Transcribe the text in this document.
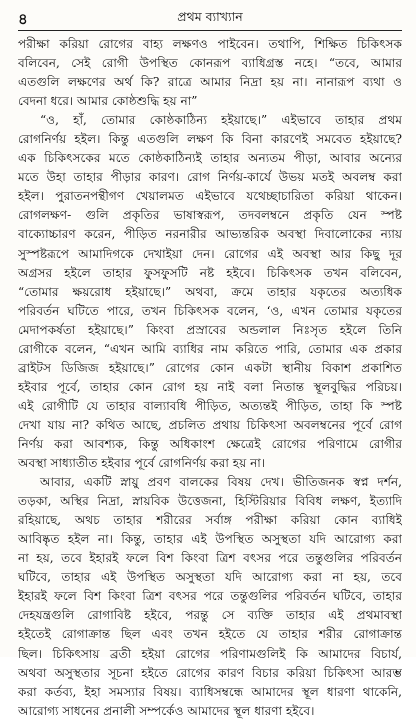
৪	প্রথম ব্যাখ্যান
পরীক্ষা করিয়া রোগের বাহ্য লক্ষণও পাইবেন। তথাপি, শিক্ষিত চিকিৎসক
বলিবেন, সেই রোগী উপস্থিত কোনরূপ ব্যাধিগ্রস্ত নহে। “তবে, আমার
এতগুলি লক্ষণের অর্থ কি? রাত্রে আমার নিদ্রা হয় না। নানারূপ ব্যথা ও
বেদনা ধরে। আমার কোষ্ঠশুদ্ধি হয় না”
“ও, হাঁ, তোমার কোষ্ঠকাঠিন্য হইয়াছে।” এইভাবে তাহার প্রথম
রোগনির্ণয় হইল। কিন্তু এতগুলি লক্ষণ কি বিনা কারণেই সমবেত হইয়াছে?
এক চিকিৎসকের মতে কোষ্ঠকাঠিন্যই তাহার অন্যতম পীড়া, আবার অন্যের
মতে উহা তাহার পীড়ার কারণ। রোগ নির্ণয়-কার্যে উভয় মতই অবলম্ব করা
হইল। পুরাতনপন্থীগণ খেয়ালমত এইভাবে যথেচ্ছাচারিতা করিয়া থাকেন।
রোগলক্ষণ- গুলি প্রকৃতির ভাষাস্বরূপ, তদবলম্বনে প্রকৃতি যেন স্পষ্ট
বাক্যোচ্চারণ করেন, পীড়িত নরনারীর আভ্যন্তরিক অবস্থা দিবালোকের ন্যায়
সুস্পষ্টরূপে আমাদিগকে দেখাইয়া দেন। রোগের এই অবস্থা আর কিছু দূর
অগ্রসর হইলে তাহার ফুসফুসটি নষ্ট হইবে। চিকিৎসক তখন বলিবেন,
“তোমার ক্ষয়রোধ হইয়াছে।” অথবা, ক্রমে তাহার যকৃতের অত্যধিক
পরিবর্তন ঘটিতে পারে, তখন চিকিৎসক বলেন, ‘ও, এখন তোমার যকৃতের
মেদাপকর্ষতা হইয়াছে।” কিংবা প্রস্রাবের অন্ডলাল নিঃসৃত হইলে তিনি
রোগীকে বলেন, “এখন আমি ব্যাধির নাম করিতে পারি, তোমার এক প্রকার
ব্রাইটস ডিজিজ হইয়াছে।” রোগের কোন একটা স্থানীয় বিকাশ প্রকাশিত
হইবার পূর্বে, তাহার কোন রোগ হয় নাই বলা নিতান্ত স্থূলবুদ্ধির পরিচয়।
এই রোগীটি যে তাহার বাল্যাবধি পীড়িত, অত্যন্তই পীড়িত, তাহা কি স্পষ্ট
দেখা যায় না? কথিত আছে, প্রচলিত প্রথায় চিকিৎসা অবলম্বনের পূর্বে রোগ
নির্ণয় করা আবশ্যক, কিন্তু অধিকাংশ ক্ষেত্রেই রোগের পরিণামে রোগীর
অবস্থা সাধ্যাতীত হইবার পূর্বে রোগনির্ণয় করা হয় না।
আবার, একটি স্নায়ু প্রবণ বালকের বিষয় দেখ। ভীতিজনক স্বপ্ন দর্শন,
তড়কা, অস্থির নিদ্রা, স্নায়বিক উত্তেজনা, হিস্টিরিয়ার বিবিধ লক্ষণ, ইত্যাদি
রহিয়াছে, অথচ তাহার শরীরের সর্বাঙ্গ পরীক্ষা করিয়া কোন ব্যাধিই
আবিষ্কৃত হইল না। কিন্তু, তাহার এই উপস্থিত অসুস্থতা যদি আরোগ্য করা
না হয়, তবে ইহারই ফলে বিশ কিংবা ত্রিশ বৎসর পরে তন্তুগুলির পরিবর্তন
ঘটিবে, তাহার এই উপস্থিত অসুস্থতা যদি আরোগ্য করা না হয়, তবে
ইহারই ফলে বিশ কিংবা ত্রিশ বৎসর পরে তন্তুগুলির পরিবর্তন ঘটিবে, তাহার
দেহযন্ত্রগুলি রোগাবিষ্ট হইবে, পরন্তু সে ব্যক্তি তাহার এই প্রথমাবস্থা
হইতেই রোগাক্রান্ত ছিল এবং তখন হইতে যে তাহার শরীর রোগাক্রান্ত
ছিল। চিকিৎসায় ব্রতী হইয়া রোগের পরিণামগুলিই কি আমাদের বিচার্য,
অথবা অসুস্থতার সূচনা হইতে রোগের কারণ বিচার করিয়া চিকিৎসা আরম্ভ
করা কর্তব্য, ইহা সমস্যার বিষয়। ব্যাধিসম্বন্ধে আমাদের স্থূল ধারণা থাকেনি,
আরোগ্য সাধনের প্রনালী সম্পর্কেও আমাদের স্থূল ধারণা হইবে।
